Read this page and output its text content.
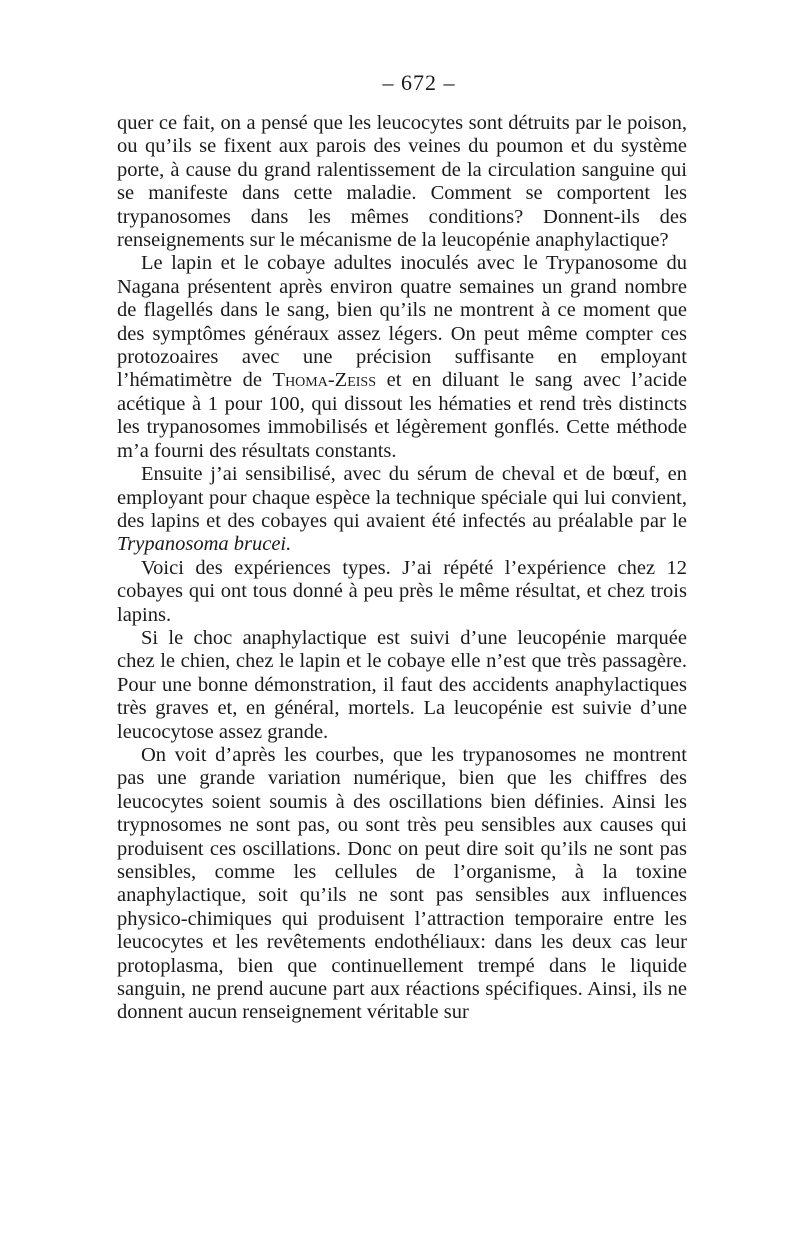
– 672 –

quer ce fait, on a pensé que les leucocytes sont détruits par le poison, ou qu’ils se fixent aux parois des veines du poumon et du système porte, à cause du grand ralentissement de la circulation sanguine qui se manifeste dans cette maladie. Comment se comportent les trypanosomes dans les mêmes conditions? Donnent-ils des renseignements sur le mécanisme de la leucopénie anaphylactique?

Le lapin et le cobaye adultes inoculés avec le Trypanosome du Nagana présentent après environ quatre semaines un grand nombre de flagellés dans le sang, bien qu’ils ne montrent à ce moment que des symptômes généraux assez légers. On peut même compter ces protozoaires avec une précision suffisante en employant l’hématimètre de Thoma-Zeiss et en diluant le sang avec l’acide acétique à 1 pour 100, qui dissout les hématies et rend très distincts les trypanosomes immobilisés et légèrement gonflés. Cette méthode m’a fourni des résultats constants.

Ensuite j’ai sensibilisé, avec du sérum de cheval et de bœuf, en employant pour chaque espèce la technique spéciale qui lui convient, des lapins et des cobayes qui avaient été infectés au préalable par le Trypanosoma brucei.

Voici des expériences types. J’ai répété l’expérience chez 12 cobayes qui ont tous donné à peu près le même résultat, et chez trois lapins.

Si le choc anaphylactique est suivi d’une leucopénie marquée chez le chien, chez le lapin et le cobaye elle n’est que très passagère. Pour une bonne démonstration, il faut des accidents anaphylactiques très graves et, en général, mortels. La leucopénie est suivie d’une leucocytose assez grande.

On voit d’après les courbes, que les trypanosomes ne montrent pas une grande variation numérique, bien que les chiffres des leucocytes soient soumis à des oscillations bien définies. Ainsi les trypnosomes ne sont pas, ou sont très peu sensibles aux causes qui produisent ces oscillations. Donc on peut dire soit qu’ils ne sont pas sensibles, comme les cellules de l’organisme, à la toxine anaphylactique, soit qu’ils ne sont pas sensibles aux influences physico-chimiques qui produisent l’attraction temporaire entre les leucocytes et les revêtements endothéliaux: dans les deux cas leur protoplasma, bien que continuellement trempé dans le liquide sanguin, ne prend aucune part aux réactions spécifiques. Ainsi, ils ne donnent aucun renseignement véritable sur
